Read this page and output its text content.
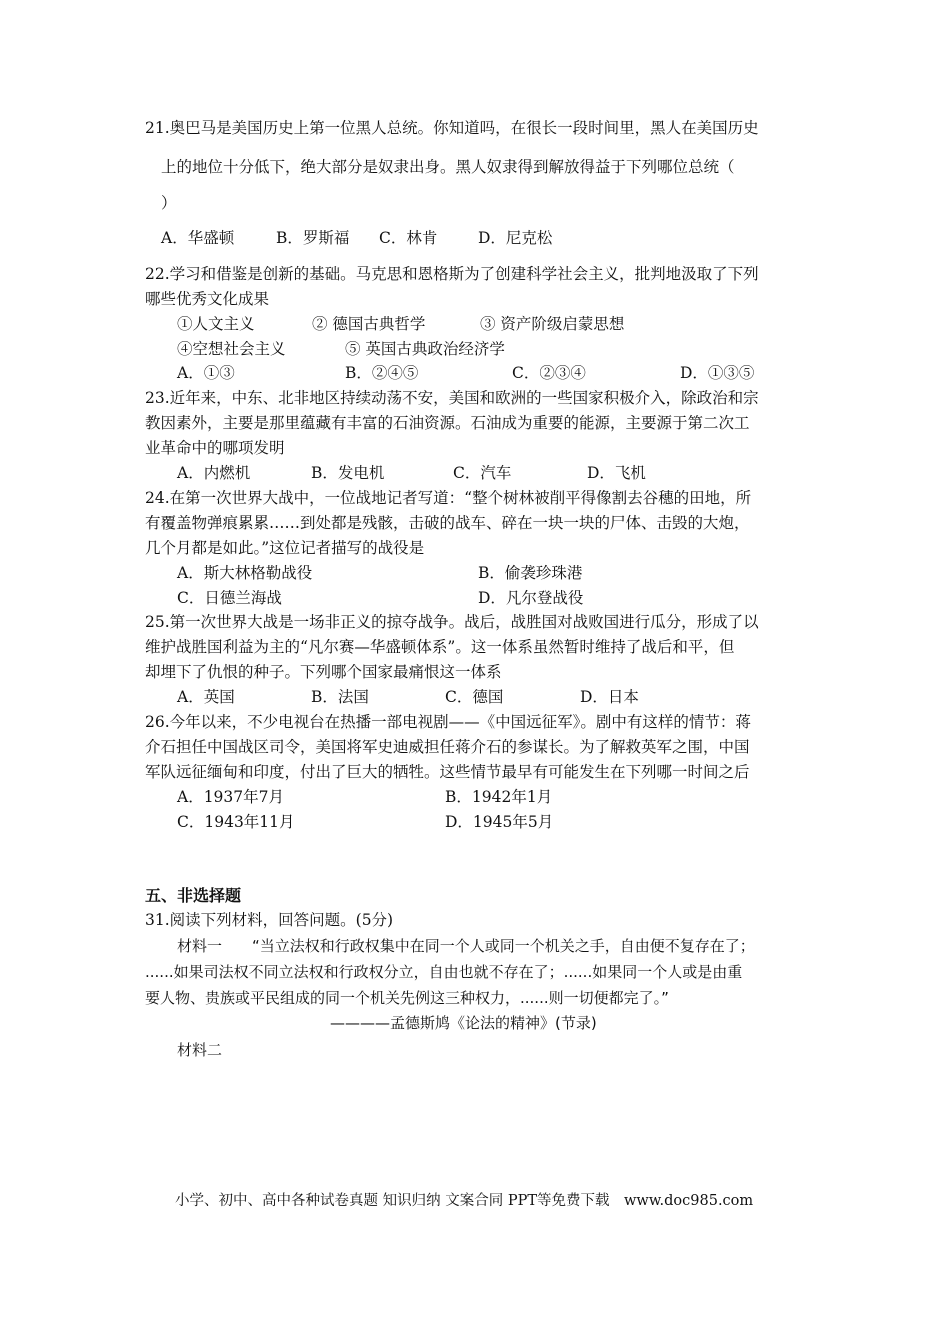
21.奥巴马是美国历史上第一位黑人总统。你知道吗，在很长一段时间里，黑人在美国历史
上的地位十分低下，绝大部分是奴隶出身。黑人奴隶得到解放得益于下列哪位总统（
）
A．华盛顿	B．罗斯福 C．林肯	D．尼克松
22.学习和借鉴是创新的基础。马克思和恩格斯为了创建科学社会主义，批判地汲取了下列
哪些优秀文化成果
①人文主义	② 德国古典哲学	③ 资产阶级启蒙思想
④空想社会主义	⑤ 英国古典政治经济学
A．①③	B．②④⑤	C．②③④	D．①③⑤
23.近年来，中东、北非地区持续动荡不安，美国和欧洲的一些国家积极介入，除政治和宗
教因素外，主要是那里蕴藏有丰富的石油资源。石油成为重要的能源，主要源于第二次工
业革命中的哪项发明
A．内燃机	B．发电机	C．汽车	D．飞机
24.在第一次世界大战中，一位战地记者写道：“整个树林被削平得像割去谷穗的田地，所
有覆盖物弹痕累累……到处都是残骸，击破的战车、碎在一块一块的尸体、击毁的大炮，
几个月都是如此。”这位记者描写的战役是
A．斯大林格勒战役	B．偷袭珍珠港
C．日德兰海战	D．凡尔登战役
25.第一次世界大战是一场非正义的掠夺战争。战后，战胜国对战败国进行瓜分，形成了以
维护战胜国利益为主的“凡尔赛—华盛顿体系”。这一体系虽然暂时维持了战后和平，但
却埋下了仇恨的种子。下列哪个国家最痛恨这一体系
A．英国	B．法国	C．德国	D．日本
26.今年以来，不少电视台在热播一部电视剧——《中国远征军》。剧中有这样的情节：蒋
介石担任中国战区司令，美国将军史迪威担任蒋介石的参谋长。为了解救英军之围，中国
军队远征缅甸和印度，付出了巨大的牺牲。这些情节最早有可能发生在下列哪一时间之后
A．1937年7月	B．1942年1月
C．1943年11月	D．1945年5月
五、非选择题
31.阅读下列材料，回答问题。(5分)
材料一　　“当立法权和行政权集中在同一个人或同一个机关之手，自由便不复存在了；
......如果司法权不同立法权和行政权分立，自由也就不存在了；......如果同一个人或是由重
要人物、贵族或平民组成的同一个机关先例这三种权力，......则一切便都完了。”
————孟德斯鸠《论法的精神》(节录)
材料二
小学、初中、高中各种试卷真题 知识归纳 文案合同 PPT等免费下载　www.doc985.com
